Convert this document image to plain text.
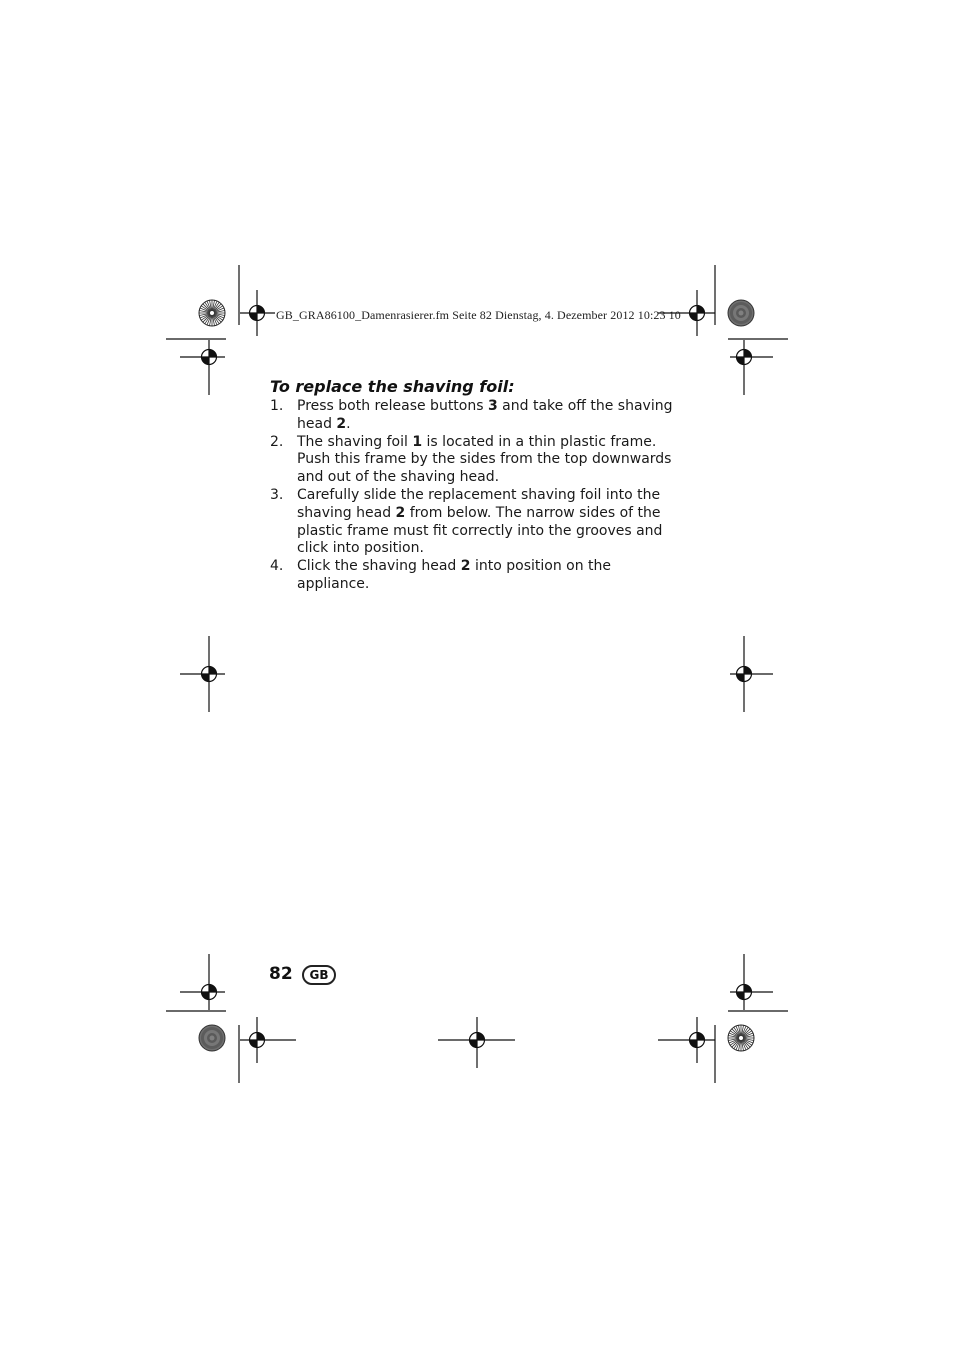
GB_GRA86100_Damenrasierer.fm Seite 82 Dienstag, 4. Dezember 2012 10:23 10
To replace the shaving foil:
1. Press both release buttons 3 and take off the shaving head 2.
2. The shaving foil 1 is located in a thin plastic frame. Push this frame by the sides from the top downwards and out of the shaving head.
3. Carefully slide the replacement shaving foil into the shaving head 2 from below. The narrow sides of the plastic frame must fit correctly into the grooves and click into position.
4. Click the shaving head 2 into position on the appliance.
82	GB
